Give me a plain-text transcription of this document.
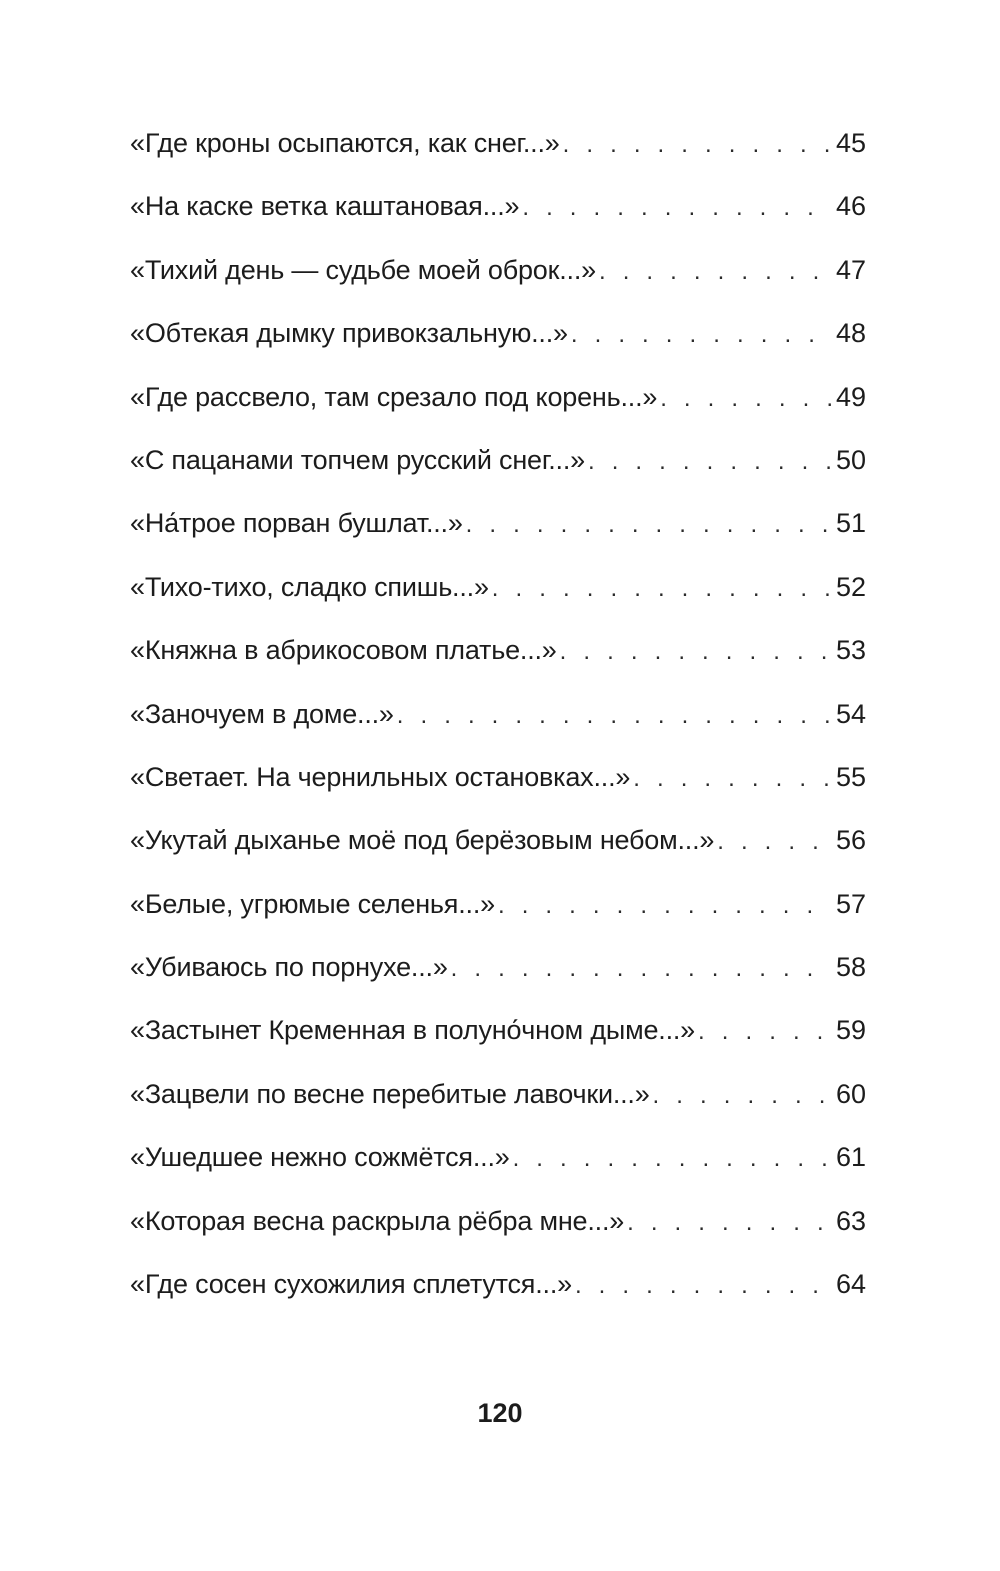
«Где кроны осыпаются, как снег...» . . .	45
«На каске ветка каштановая...» . . .	46
«Тихий день — судьбе моей оброк...» . . .	47
«Обтекая дымку привокзальную...» . . .	48
«Где рассвело, там срезало под корень...» . . .	49
«С пацанами топчем русский снег...» . . .	50
«На́трое порван бушлат...» . . .	51
«Тихо-тихо, сладко спишь...» . . .	52
«Княжна в абрикосовом платье...» . . .	53
«Заночуем в доме...» . . .	54
«Светает. На чернильных остановках...» . . .	55
«Укутай дыханье моё под берёзовым небом...» . . .	56
«Белые, угрюмые селенья...» . . .	57
«Убиваюсь по порнухе...» . . .	58
«Застынет Кременная в полуно́чном дыме...» . . .	59
«Зацвели по весне перебитые лавочки...» . . .	60
«Ушедшее нежно сожмётся...» . . .	61
«Которая весна раскрыла рёбра мне...» . . .	63
«Где сосен сухожилия сплетутся...» . . .	64
120
